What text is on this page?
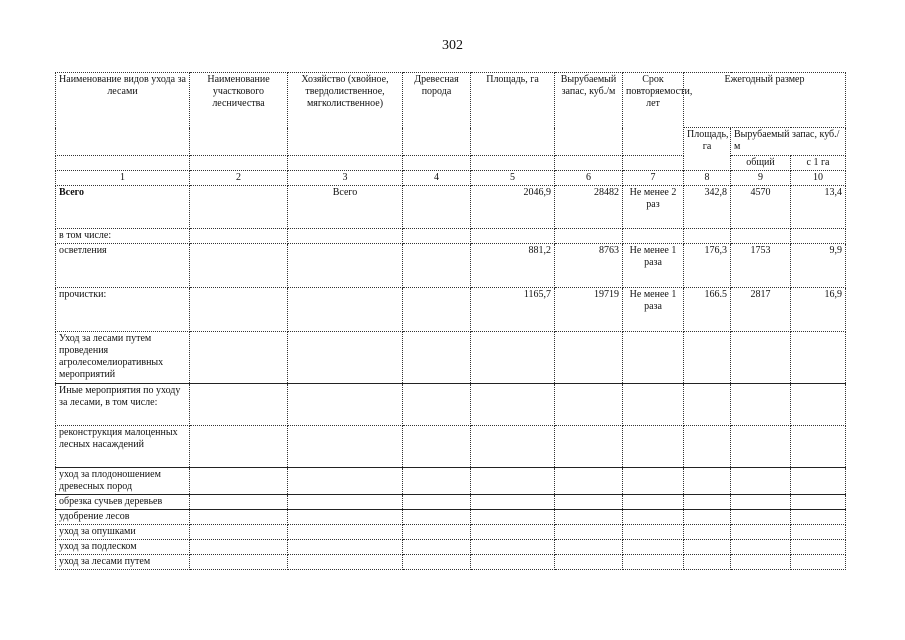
302
Наименование видов ухода за лесами	Наименование участкового лесничества	Хозяйство (хвойное, твердолиственное, мягколиственное)	Древесная порода	Площадь, га	Вырубаемый запас, куб./м	Срок повторяемости, лет	Ежегодный размер		
							Площадь, га	Вырубаемый запас, куб./м	
								общий	с 1 га
1	2	3	4	5	6	7	8	9	10
Всего		Всего		2046,9	28482	Не менее 2 раз	342,8	4570	13,4
в том числе:									
осветления				881,2	8763	Не менее 1 раза	176,3	1753	9,9
прочистки:				1165,7	19719	Не менее 1 раза	166.5	2817	16,9
Уход за лесами путем проведения агролесомелиоративных мероприятий									
Иные мероприятия по уходу за лесами, в том числе:									
реконструкция малоценных лесных насаждений									
уход за плодоношением древесных пород									
обрезка сучьев деревьев									
удобрение лесов									
уход за опушками									
уход за подлеском									
уход за лесами путем									
